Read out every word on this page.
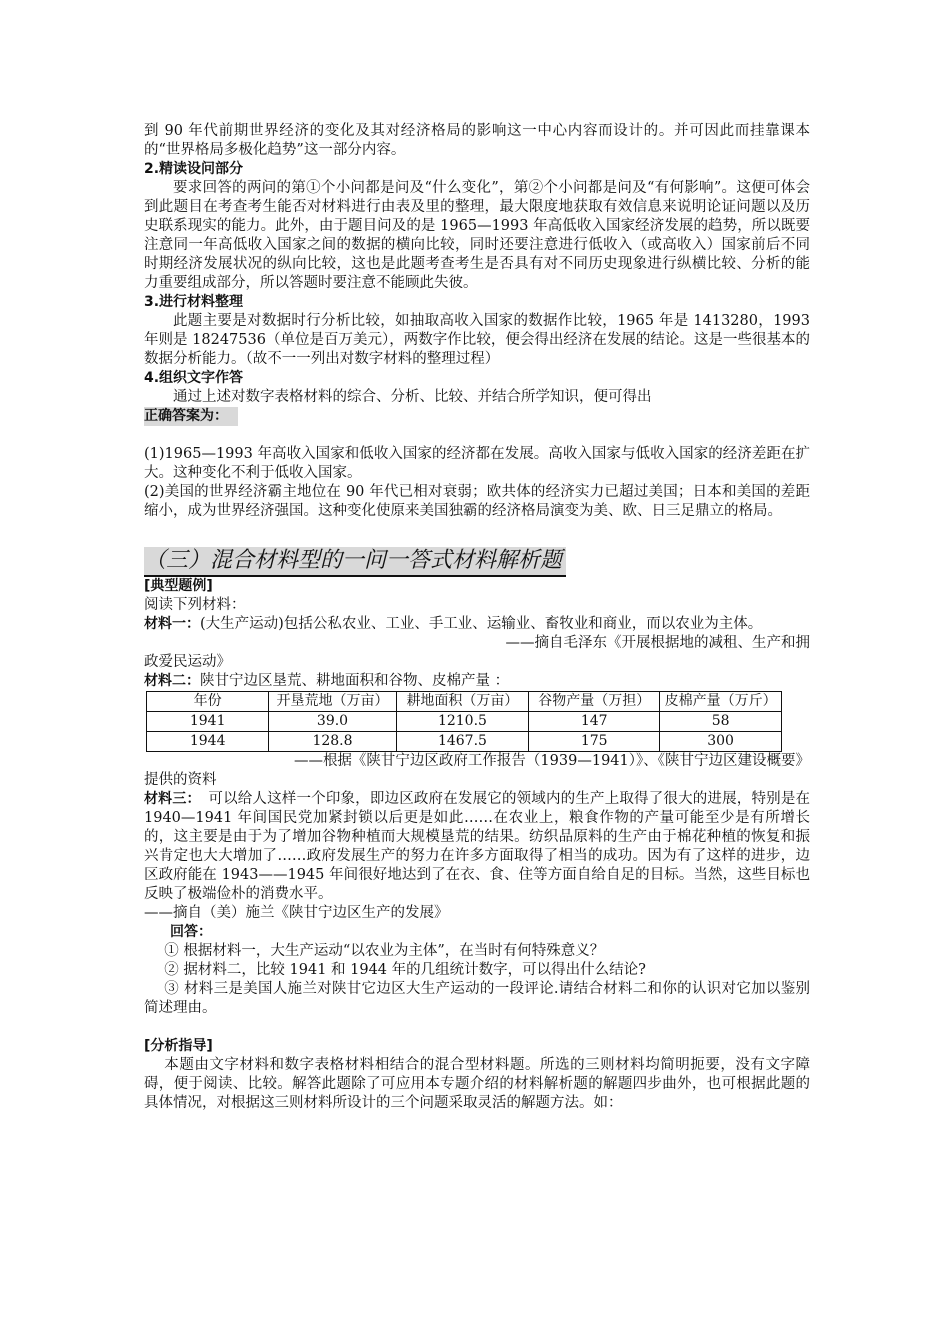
到 90 年代前期世界经济的变化及其对经济格局的影响这一中心内容而设计的。并可因此而挂靠课本的“世界格局多极化趋势”这一部分内容。

2.精读设问部分

要求回答的两问的第①个小问都是问及“什么变化”，第②个小问都是问及“有何影响”。这便可体会到此题目在考查考生能否对材料进行由表及里的整理，最大限度地获取有效信息来说明论证问题以及历史联系现实的能力。此外，由于题目问及的是 1965—1993 年高低收入国家经济发展的趋势，所以既要注意同一年高低收入国家之间的数据的横向比较，同时还要注意进行低收入（或高收入）国家前后不同时期经济发展状况的纵向比较，这也是此题考查考生是否具有对不同历史现象进行纵横比较、分析的能力重要组成部分，所以答题时要注意不能顾此失彼。

3.进行材料整理

此题主要是对数据时行分析比较，如抽取高收入国家的数据作比较，1965 年是 1413280，1993 年则是 18247536（单位是百万美元），两数字作比较，便会得出经济在发展的结论。这是一些很基本的数据分析能力。（故不一一列出对数字材料的整理过程）

4.组织文字作答

通过上述对数字表格材料的综合、分析、比较、并结合所学知识，便可得出

正确答案为：

(1)1965—1993 年高收入国家和低收入国家的经济都在发展。高收入国家与低收入国家的经济差距在扩大。这种变化不利于低收入国家。

(2)美国的世界经济霸主地位在 90 年代已相对衰弱；欧共体的经济实力已超过美国；日本和美国的差距缩小，成为世界经济强国。这种变化使原来美国独霸的经济格局演变为美、欧、日三足鼎立的格局。

（三）混合材料型的一问一答式材料解析题

[典型题例]

阅读下列材料：

材料一：(大生产运动)包括公私农业、工业、手工业、运输业、畜牧业和商业，而以农业为主体。

——摘自毛泽东《开展根据地的减租、生产和拥

政爱民运动》

材料二：陕甘宁边区垦荒、耕地面积和谷物、皮棉产量 ：

年份	开垦荒地（万亩）	耕地面积（万亩）	谷物产量（万担）	皮棉产量（万斤）
1941	39.0	1210.5	147	58
1944	128.8	1467.5	175	300

——根据《陕甘宁边区政府工作报告（1939—1941）》、《陕甘宁边区建设概要》

提供的资料

材料三：　可以给人这样一个印象，即边区政府在发展它的领域内的生产上取得了很大的进展，特别是在 1940—1941 年间国民党加紧封锁以后更是如此……在农业上，粮食作物的产量可能至少是有所增长的，这主要是由于为了增加谷物种植而大规模垦荒的结果。纺织品原料的生产由于棉花种植的恢复和振兴肯定也大大增加了……政府发展生产的努力在许多方面取得了相当的成功。因为有了这样的进步，边区政府能在 1943——1945 年间很好地达到了在衣、食、住等方面自给自足的目标。当然，这些目标也反映了极端俭朴的消费水平。

——摘自（美）施兰《陕甘宁边区生产的发展》

回答：

① 根据材料一，大生产运动“以农业为主体”，在当时有何特殊意义？

② 据材料二，比较 1941 和 1944 年的几组统计数字，可以得出什么结论?

③ 材料三是美国人施兰对陕甘它边区大生产运动的一段评论.请结合材料二和你的认识对它加以鉴别简述理由。

[分析指导]

本题由文字材料和数字表格材料相结合的混合型材料题。所选的三则材料均简明扼要，没有文字障碍，便于阅读、比较。解答此题除了可应用本专题介绍的材料解析题的解题四步曲外，也可根据此题的具体情况，对根据这三则材料所设计的三个问题采取灵活的解题方法。如：
